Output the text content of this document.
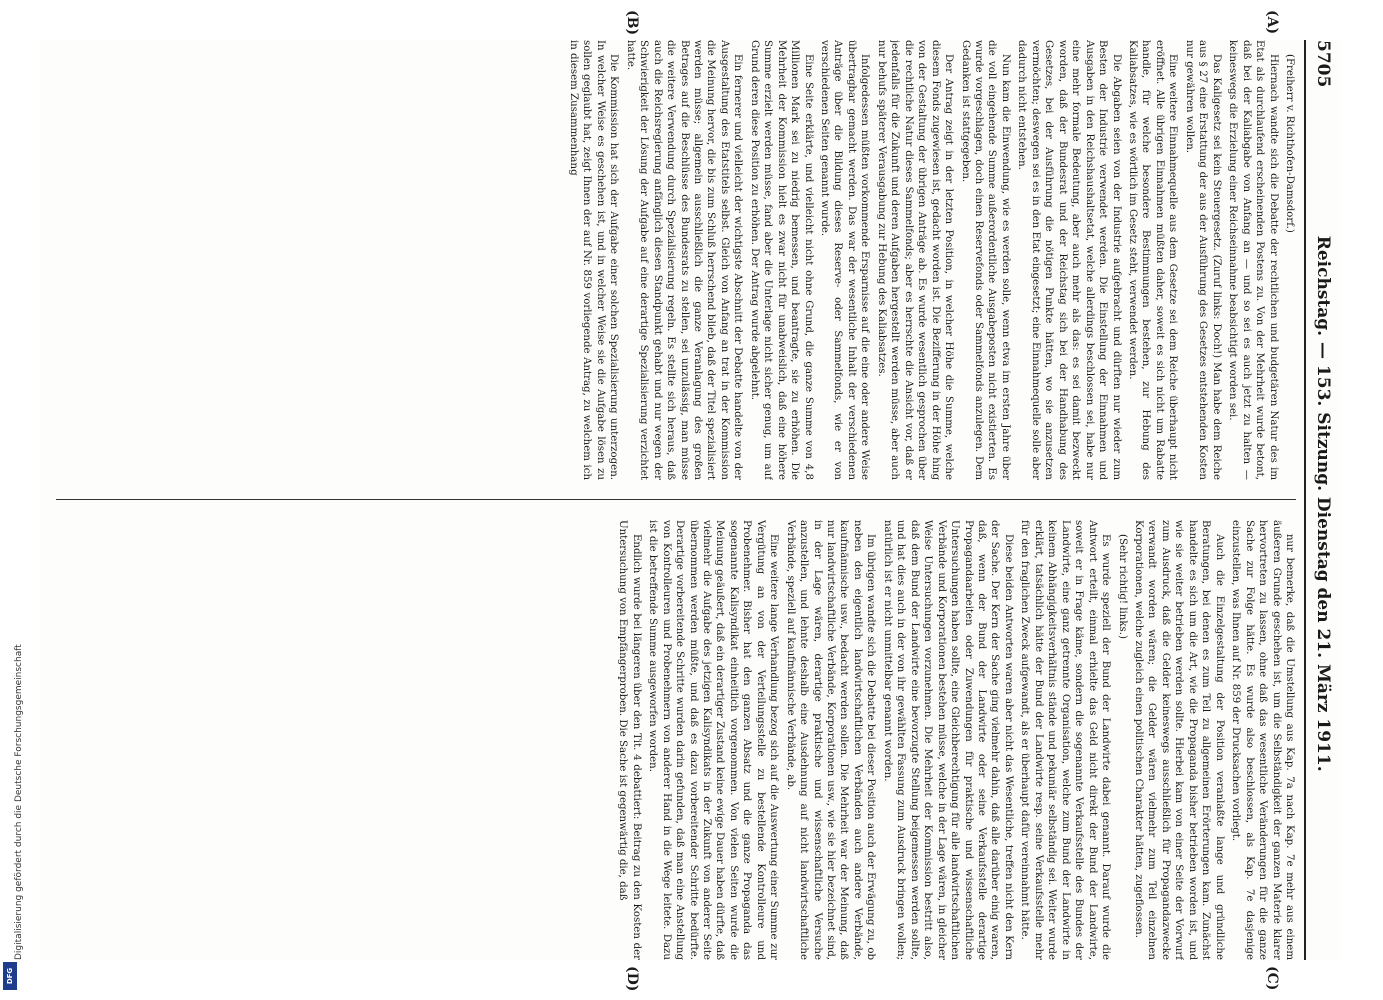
Digitalisierung gefördert durch die Deutsche Forschungsgemeinschaft
DFG
5705
Reichstag. — 153. Sitzung. Dienstag den 21. März 1911.
(A)
(B)
(C)
(D)

(Freiherr v. Richthofen-Damsdorf.)

Hiernach wandte sich die Debatte der rechtlichen und budgetären Natur des im Etat als durchlaufend erscheinenden Postens zu. Von der Mehrheit wurde betont, daß bei der Kaliabgabe von Anfang an — und so sei es auch jetzt zu halten — keineswegs die Erzielung einer Reichseinnahme beabsichtigt worden sei.

Das Kaligesetz sei kein Steuergesetz. (Zuruf links: Doch!) Man habe dem Reiche aus § 27 eine Erstattung der aus der Ausführung des Gesetzes entstehenden Kosten nur gewähren wollen.

Eine weitere Einnahmequelle aus dem Gesetze sei dem Reiche überhaupt nicht eröffnet. Alle übrigen Einnahmen müßten daher, soweit es sich nicht um Rabatte handle, für welche besondere Bestimmungen bestehen, zur Hebung des Kaliabsatzes, wie es wörtlich im Gesetz steht, verwendet werden.

Die Abgaben seien von der Industrie aufgebracht und dürften nur wieder zum Besten der Industrie verwendet werden. Die Einstellung der Einnahmen und Ausgaben in den Reichshaushaltsetat, welche allerdings beschlossen sei, habe nur eine mehr formale Bedeutung, aber auch mehr als das: es sei damit bezweckt worden, daß der Bundesrat und der Reichstag sich bei der Handhabung des Gesetzes, bei der Ausführung die nötigen Punkte hätten, wo sie anzusetzen vermöchten; deswegen sei es in den Etat eingesetzt; eine Einnahmequelle solle aber dadurch nicht entstehen.

Nun kam die Einwendung, wie es werden solle, wenn etwa im ersten Jahre über die voll eingehende Summe außerordentliche Ausgabeposten nicht existierten. Es wurde vorgeschlagen, doch einen Reservefonds oder Sammelfonds anzulegen. Dem Gedanken ist stattgegeben.

Der Antrag zeigt in der letzten Position, in welcher Höhe die Summe, welche diesem Fonds zugewiesen ist, gedacht worden ist. Die Bezifferung in der Höhe hing von der Gestaltung der übrigen Anträge ab. Es wurde wesentlich gesprochen über die rechtliche Natur dieses Sammelfonds; aber es herrschte die Ansicht vor, daß er jedenfalls für die Zukunft und deren Aufgaben hergestellt werden müsse, aber auch nur behufs späterer Verausgabung zur Hebung des Kaliabsatzes.

Infolgedessen müßten vorkommende Ersparnisse auf die eine oder andere Weise übertragbar gemacht werden. Das war der wesentliche Inhalt der verschiedenen Anträge über die Bildung dieses Reserve- oder Sammelfonds, wie er von verschiedenen Seiten genannt wurde.

Eine Seite erklärte, und vielleicht nicht ohne Grund, die ganze Summe von 4,8 Millionen Mark sei zu niedrig bemessen, und beantragte, sie zu erhöhen. Die Mehrheit der Kommission hielt es zwar nicht für unabweislich, daß eine höhere Summe erzielt werden müsse, fand aber die Unterlage nicht sicher genug, um auf Grund deren diese Position zu erhöhen. Der Antrag wurde abgelehnt.

Ein fernerer und vielleicht der wichtigste Abschnitt der Debatte handelte von der Ausgestaltung des Etatstitels selbst. Gleich von Anfang an trat in der Kommission die Meinung hervor, die bis zum Schluß herrschend blieb, daß der Titel spezialisiert werden müsse; allgemein ausschließlich die ganze Veranlagung des großen Betrages auf die Beschlüsse des Bundesrats zu stellen, sei unzulässig, man müsse die weitere Verwendung durch Spezialisierung regeln. Es stellte sich heraus, daß auch die Reichsregierung anfänglich diesen Standpunkt gehabt und nur wegen der Schwierigkeit der Lösung der Aufgabe auf eine derartige Spezialisierung verzichtet hatte.

Die Kommission hat sich der Aufgabe einer solchen Spezialisierung unterzogen. In welcher Weise es geschehen ist, und in welcher Weise sie die Aufgabe lösen zu sollen geglaubt hat, zeigt Ihnen der auf Nr. 859 vorliegende Antrag, zu welchem ich in diesem Zusammenhang

nur bemerke, daß die Umstellung aus Kap. 7a nach Kap. 7e mehr aus einem äußeren Grunde geschehen ist, um die Selbständigkeit der ganzen Materie klarer hervortreten zu lassen, ohne daß das wesentliche Veränderungen für die ganze Sache zur Folge hätte. Es wurde also beschlossen, als Kap. 7e dasjenige einzustellen, was Ihnen auf Nr. 859 der Drucksachen vorliegt.

Auch die Einzelgestaltung der Position veranlaßte lange und gründliche Beratungen, bei denen es zum Teil zu allgemeinen Erörterungen kam. Zunächst handelte es sich um die Art, wie die Propaganda bisher betrieben worden ist, und wie sie weiter betrieben werden sollte. Hierbei kam von einer Seite der Vorwurf zum Ausdruck, daß die Gelder keineswegs ausschließlich für Propagandazwecke verwandt worden wären; die Gelder wären vielmehr zum Teil einzelnen Korporationen, welche zugleich einen politischen Charakter hätten, zugeflossen.

(Sehr richtig! links.)

Es wurde speziell der Bund der Landwirte dabei genannt. Darauf wurde die Antwort erteilt, einmal erhielte das Geld nicht direkt der Bund der Landwirte, soweit er in Frage käme, sondern die sogenannte Verkaufsstelle des Bundes der Landwirte, eine ganz getrennte Organisation, welche zum Bund der Landwirte in keinem Abhängigkeitsverhältnis stände und pekuniär selbständig sei. Weiter wurde erklärt, tatsächlich hätte der Bund der Landwirte resp. seine Verkaufsstelle mehr für den fraglichen Zweck aufgewandt, als er überhaupt dafür vereinnahmt hätte.

Diese beiden Antworten waren aber nicht das Wesentliche, treffen nicht den Kern der Sache. Der Kern der Sache ging vielmehr dahin, daß alle darüber einig waren, daß, wenn der Bund der Landwirte oder seine Verkaufsstelle derartige Propagandaarbeiten oder Zuwendungen für praktische und wissenschaftliche Untersuchungen haben sollte, eine Gleichberechtigung für alle landwirtschaftlichen Verbände und Korporationen bestehen müsse, welche in der Lage wären, in gleicher Weise Untersuchungen vorzunehmen. Die Mehrheit der Kommission bestritt also, daß dem Bund der Landwirte eine bevorzugte Stellung beigemessen werden sollte, und hat dies auch in der von ihr gewählten Fassung zum Ausdruck bringen wollen; natürlich ist er nicht unmittelbar genannt worden.

Im übrigen wandte sich die Debatte bei dieser Position auch der Erwägung zu, ob neben den eigentlich landwirtschaftlichen Verbänden auch andere Verbände, kaufmännische usw., bedacht werden sollen. Die Mehrheit war der Meinung, daß nur landwirtschaftliche Verbände, Korporationen usw., wie sie hier bezeichnet sind, in der Lage wären, derartige praktische und wissenschaftliche Versuche anzustellen, und lehnte deshalb eine Ausdehnung auf nicht landwirtschaftliche Verbände, speziell auf kaufmännische Verbände, ab.

Eine weitere lange Verhandlung bezog sich auf die Auswertung einer Summe zur Vergütung an von der Verteilungsstelle zu bestellende Kontrolleure und Probenehmer. Bisher hat den ganzen Absatz und die ganze Propaganda das sogenannte Kalisyndikat einheitlich vorgenommen. Von vielen Seiten wurde die Meinung geäußert, daß ein derartiger Zustand keine ewige Dauer haben dürfte, daß vielmehr die Aufgabe des jetzigen Kalisyndikats in der Zukunft von anderer Seite übernommen werden müßte, und daß es dazu vorbereitender Schritte bedürfte. Derartige vorbereitende Schritte wurden darin gefunden, daß man eine Anstellung von Kontrolleuren und Probenehmern von anderer Hand in die Wege leitete. Dazu ist die betreffende Summe ausgeworfen worden.

Endlich wurde bei längeren über den Tit. 4 debattiert: Beitrag zu den Kosten der Untersuchung von Empfängerproben. Die Sache ist gegenwärtig die, daß
